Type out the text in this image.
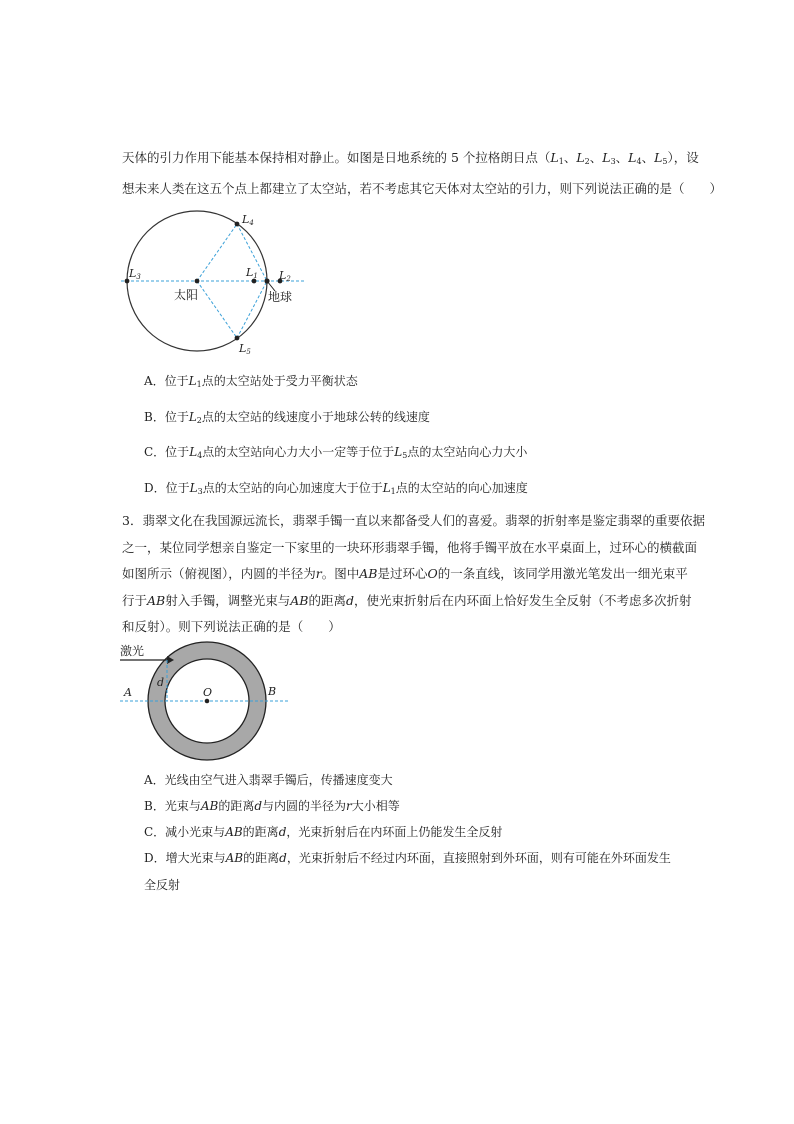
天体的引力作用下能基本保持相对静止。如图是日地系统的 5 个拉格朗日点（$L_1$、$L_2$、$L_3$、$L_4$、$L_5$），设
想未来人类在这五个点上都建立了太空站，若不考虑其它天体对太空站的引力，则下列说法正确的是（　　）
L3	L1 L2
L4
L5
太阳	地球
A．位于$L_1$点的太空站处于受力平衡状态
B．位于$L_2$点的太空站的线速度小于地球公转的线速度
C．位于$L_4$点的太空站向心力大小一定等于位于$L_5$点的太空站向心力大小
D．位于$L_3$点的太空站的向心加速度大于位于$L_1$点的太空站的向心加速度
3．翡翠文化在我国源远流长，翡翠手镯一直以来都备受人们的喜爱。翡翠的折射率是鉴定翡翠的重要依据
之一，某位同学想亲自鉴定一下家里的一块环形翡翠手镯，他将手镯平放在水平桌面上，过环心的横截面
如图所示（俯视图），内圆的半径为r。图中AB是过环心O的一条直线，该同学用激光笔发出一细光束平
行于AB射入手镯，调整光束与AB的距离d，使光束折射后在内环面上恰好发生全反射（不考虑多次折射
和反射）。则下列说法正确的是（　　）
激光
A	B
O
d
A．光线由空气进入翡翠手镯后，传播速度变大
B．光束与AB的距离d与内圆的半径为r大小相等
C．减小光束与AB的距离d，光束折射后在内环面上仍能发生全反射
D．增大光束与AB的距离d，光束折射后不经过内环面，直接照射到外环面，则有可能在外环面发生
全反射
